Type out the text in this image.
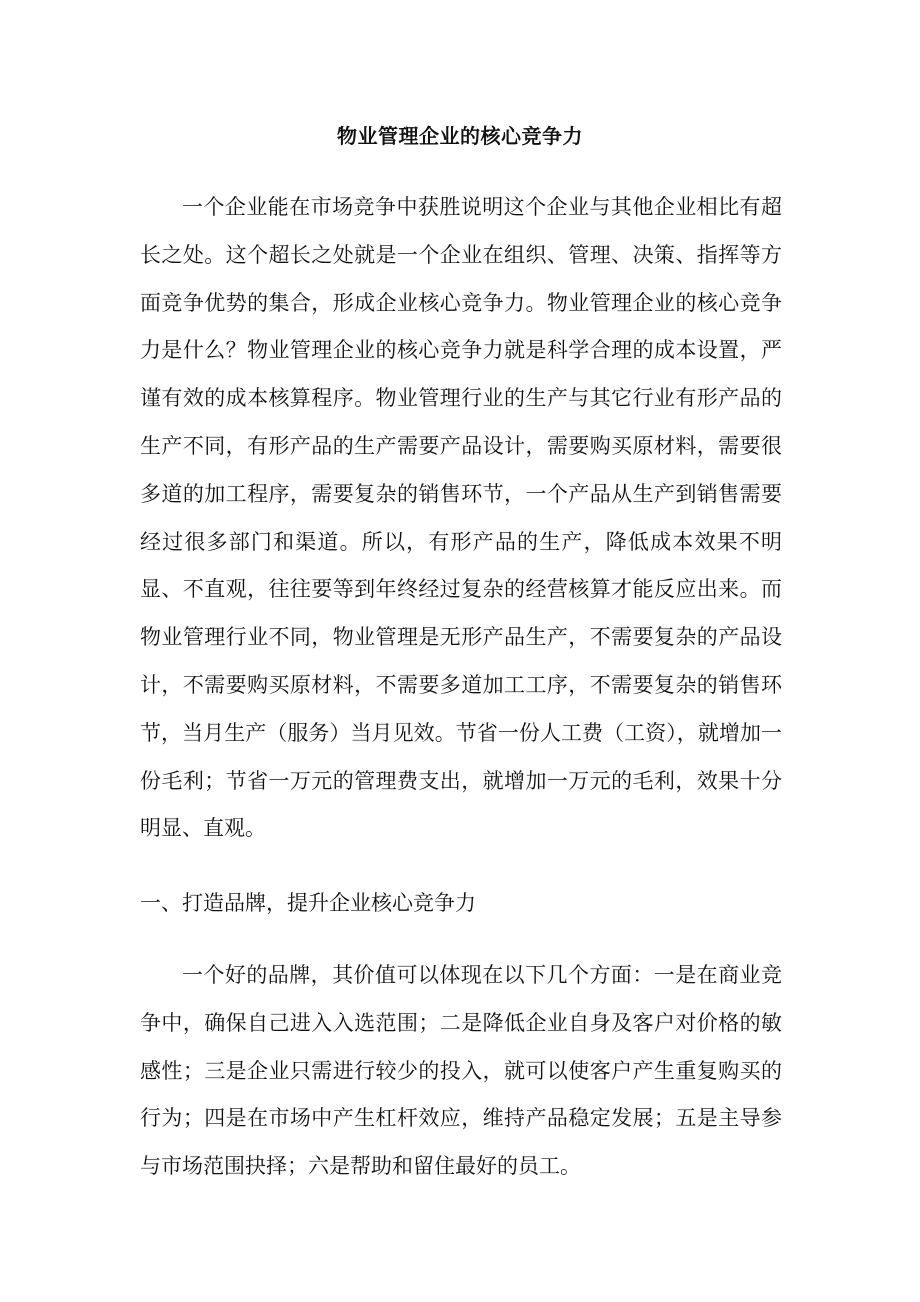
物业管理企业的核心竞争力

一个企业能在市场竞争中获胜说明这个企业与其他企业相比有超长之处。这个超长之处就是一个企业在组织、管理、决策、指挥等方面竞争优势的集合，形成企业核心竞争力。物业管理企业的核心竞争力是什么？物业管理企业的核心竞争力就是科学合理的成本设置，严谨有效的成本核算程序。物业管理行业的生产与其它行业有形产品的生产不同，有形产品的生产需要产品设计，需要购买原材料，需要很多道的加工程序，需要复杂的销售环节，一个产品从生产到销售需要经过很多部门和渠道。所以，有形产品的生产，降低成本效果不明显、不直观，往往要等到年终经过复杂的经营核算才能反应出来。而物业管理行业不同，物业管理是无形产品生产，不需要复杂的产品设计，不需要购买原材料，不需要多道加工工序，不需要复杂的销售环节，当月生产（服务）当月见效。节省一份人工费（工资），就增加一份毛利；节省一万元的管理费支出，就增加一万元的毛利，效果十分明显、直观。

一、打造品牌，提升企业核心竞争力

一个好的品牌，其价值可以体现在以下几个方面：一是在商业竞争中，确保自己进入入选范围；二是降低企业自身及客户对价格的敏感性；三是企业只需进行较少的投入，就可以使客户产生重复购买的行为；四是在市场中产生杠杆效应，维持产品稳定发展；五是主导参与市场范围抉择；六是帮助和留住最好的员工。
